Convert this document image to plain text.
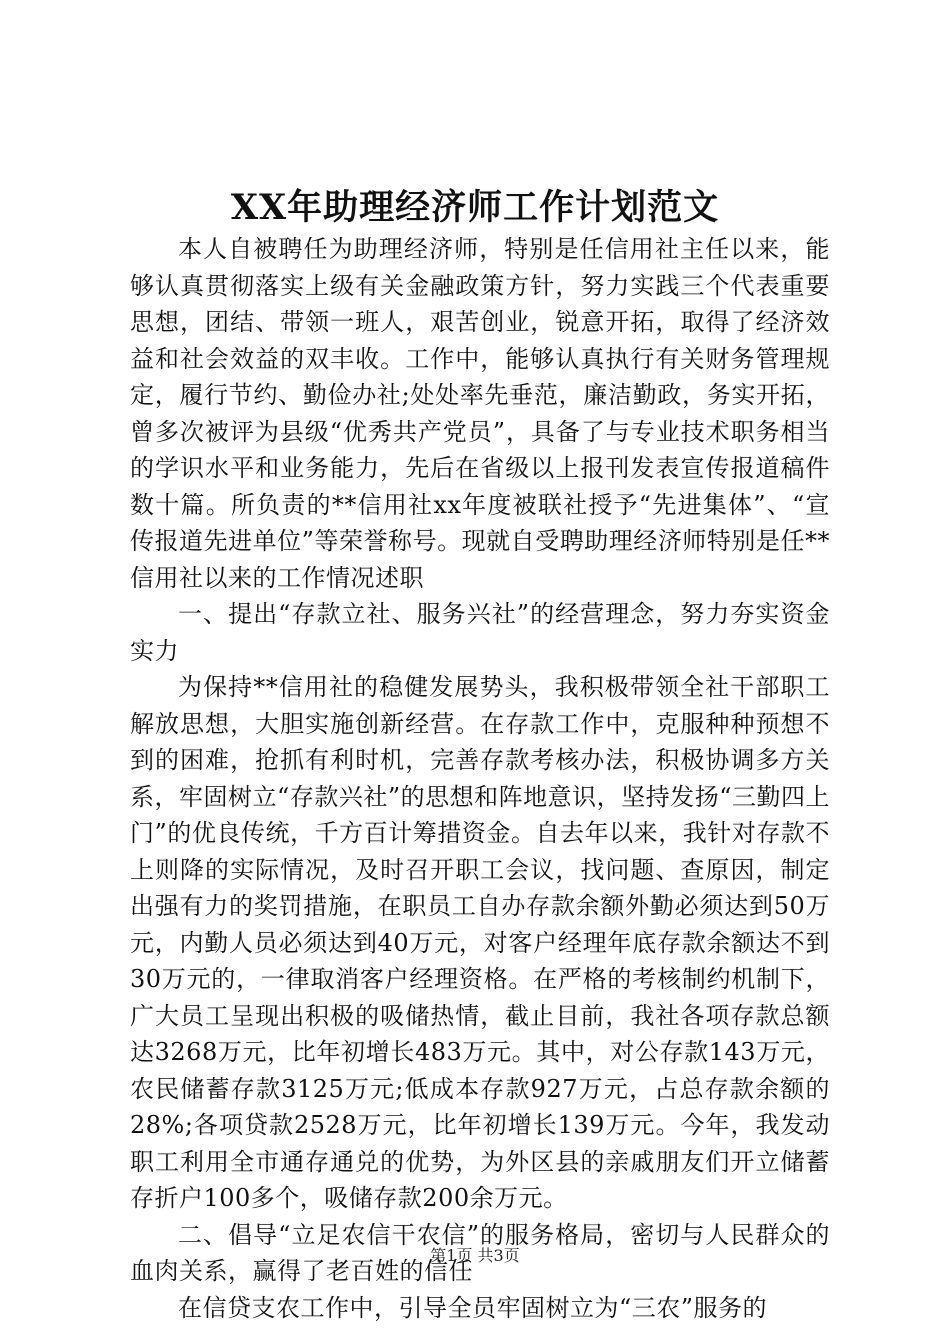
XX年助理经济师工作计划范文

本人自被聘任为助理经济师，特别是任信用社主任以来，能够认真贯彻落实上级有关金融政策方针，努力实践三个代表重要思想，团结、带领一班人，艰苦创业，锐意开拓，取得了经济效益和社会效益的双丰收。工作中，能够认真执行有关财务管理规定，履行节约、勤俭办社;处处率先垂范，廉洁勤政，务实开拓，曾多次被评为县级“优秀共产党员”，具备了与专业技术职务相当的学识水平和业务能力，先后在省级以上报刊发表宣传报道稿件数十篇。所负责的**信用社xx年度被联社授予“先进集体”、“宣传报道先进单位”等荣誉称号。现就自受聘助理经济师特别是任**信用社以来的工作情况述职

一、提出“存款立社、服务兴社”的经营理念，努力夯实资金实力

为保持**信用社的稳健发展势头，我积极带领全社干部职工解放思想，大胆实施创新经营。在存款工作中，克服种种预想不到的困难，抢抓有利时机，完善存款考核办法，积极协调多方关系，牢固树立“存款兴社”的思想和阵地意识，坚持发扬“三勤四上门”的优良传统，千方百计筹措资金。自去年以来，我针对存款不上则降的实际情况，及时召开职工会议，找问题、查原因，制定出强有力的奖罚措施，在职员工自办存款余额外勤必须达到50万元，内勤人员必须达到40万元，对客户经理年底存款余额达不到30万元的，一律取消客户经理资格。在严格的考核制约机制下，广大员工呈现出积极的吸储热情，截止目前，我社各项存款总额达3268万元，比年初增长483万元。其中，对公存款143万元，农民储蓄存款3125万元;低成本存款927万元，占总存款余额的28%;各项贷款2528万元，比年初增长139万元。今年，我发动职工利用全市通存通兑的优势，为外区县的亲戚朋友们开立储蓄存折户100多个，吸储存款200余万元。

二、倡导“立足农信干农信”的服务格局，密切与人民群众的血肉关系，赢得了老百姓的信任

在信贷支农工作中，引导全员牢固树立为“三农”服务的

第1页 共3页
